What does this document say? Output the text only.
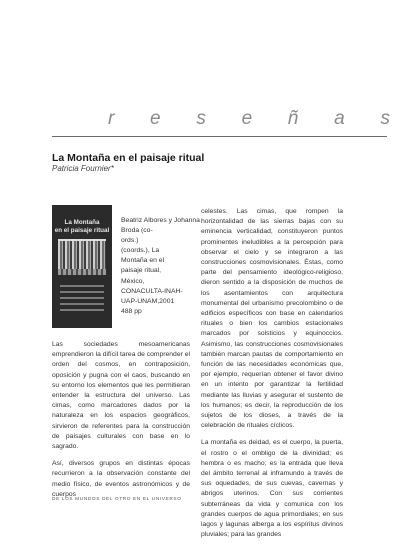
r e s e ñ a s
La Montaña en el paisaje ritual
Patricia Fournier*
La Montaña
en el paisaje ritual
Beatriz Albores y Johanna
Broda (co-
ords.)
(coords.), La
Montaña en el
paisaje ritual,
México,
CONACULTA-INAH-
UAP-UNAM,2001
488 pp

Las sociedades mesoamericanas emprendieron la difícil tarea de comprender el orden del cosmos, en contraposición, oposición y pugna con el caos, buscando en su entorno los elementos que les permitieran entender la estructura del universo. Las cimas, como marcadores dados por la naturaleza en los espacios geográficos, sirvieron de referentes para la construcción de paisajes culturales con base en lo sagrado.

Así, diversos grupos en distintas épocas recurrieron a la observación constante del medio físico, de eventos astronómicos y de cuerpos

celestes. Las cimas, que rompen la horizontalidad de las sierras bajas con su eminencia verticalidad, constituyeron puntos prominentes ineludibles a la percepción para observar el cielo y se integraron a las construcciones cosmovisionales. Éstas, como parte del pensamiento ideológico-religioso, dieron sentido a la disposición de muchos de los asentamientos con arquitectura monumental del urbanismo precolombino o de edificios específicos con base en calendarios rituales o bien los cambios estacionales marcados por solsticios y equinoccios. Asimismo, las construcciones cosmovisionales también marcan pautas de comportamiento en función de las necesidades económicas que, por ejemplo, requerían obtener el favor divino en un intento por garantizar la fertilidad mediante las lluvias y asegurar el sustento de los humanos; es decir, la reproducción de los sujetos de los dioses, a través de la celebración de rituales cíclicos.

La montaña es deidad, es el cuerpo, la puerta, el rostro o el ombligo de la divinidad; es hembra o es macho; es la entrada que lleva del ámbito terrenal al inframundo a través de sus oquedades, de sus cuevas, cavernas y abrigos uterinos. Con sus corrientes subterráneas da vida y comunica con los grandes cuerpos de agua primordiales; en sus lagos y lagunas alberga a los espíritus divinos pluviales; para las grandes

DE LOS MUNDOS DEL OTRO EN EL UNIVERSO
